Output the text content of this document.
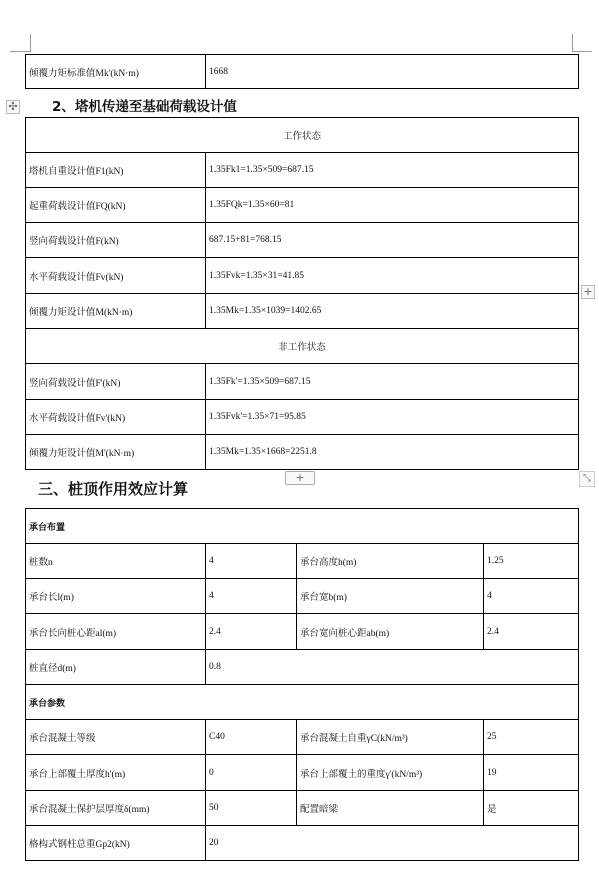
✣
倾覆力矩标准值Mk'(kN·m)	1668
2、塔机传递至基础荷载设计值
工作状态	
塔机自重设计值F1(kN)	1.35Fk1=1.35×509=687.15
起重荷载设计值FQ(kN)	1.35FQk=1.35×60=81
竖向荷载设计值F(kN)	687.15+81=768.15
水平荷载设计值Fv(kN)	1.35Fvk=1.35×31=41.85
倾覆力矩设计值M(kN·m)	1.35Mk=1.35×1039=1402.65
非工作状态	
竖向荷载设计值F'(kN)	1.35Fk'=1.35×509=687.15
水平荷载设计值Fv'(kN)	1.35Fvk'=1.35×71=95.85
倾覆力矩设计值M'(kN·m)	1.35Mk=1.35×1668=2251.8
+
+	⤡
三、桩顶作用效应计算
承台布置			
桩数n	4	承台高度h(m)	1.25
承台长l(m)	4	承台宽b(m)	4
承台长向桩心距al(m)	2.4	承台宽向桩心距ab(m)	2.4
桩直径d(m)	0.8		
承台参数			
承台混凝土等级	C40	承台混凝土自重γC(kN/m³)	25
承台上部覆土厚度h'(m)	0	承台上部覆土的重度γ'(kN/m³)	19
承台混凝土保护层厚度δ(mm)	50	配置暗梁	是
格构式钢柱总重Gp2(kN)	20		
